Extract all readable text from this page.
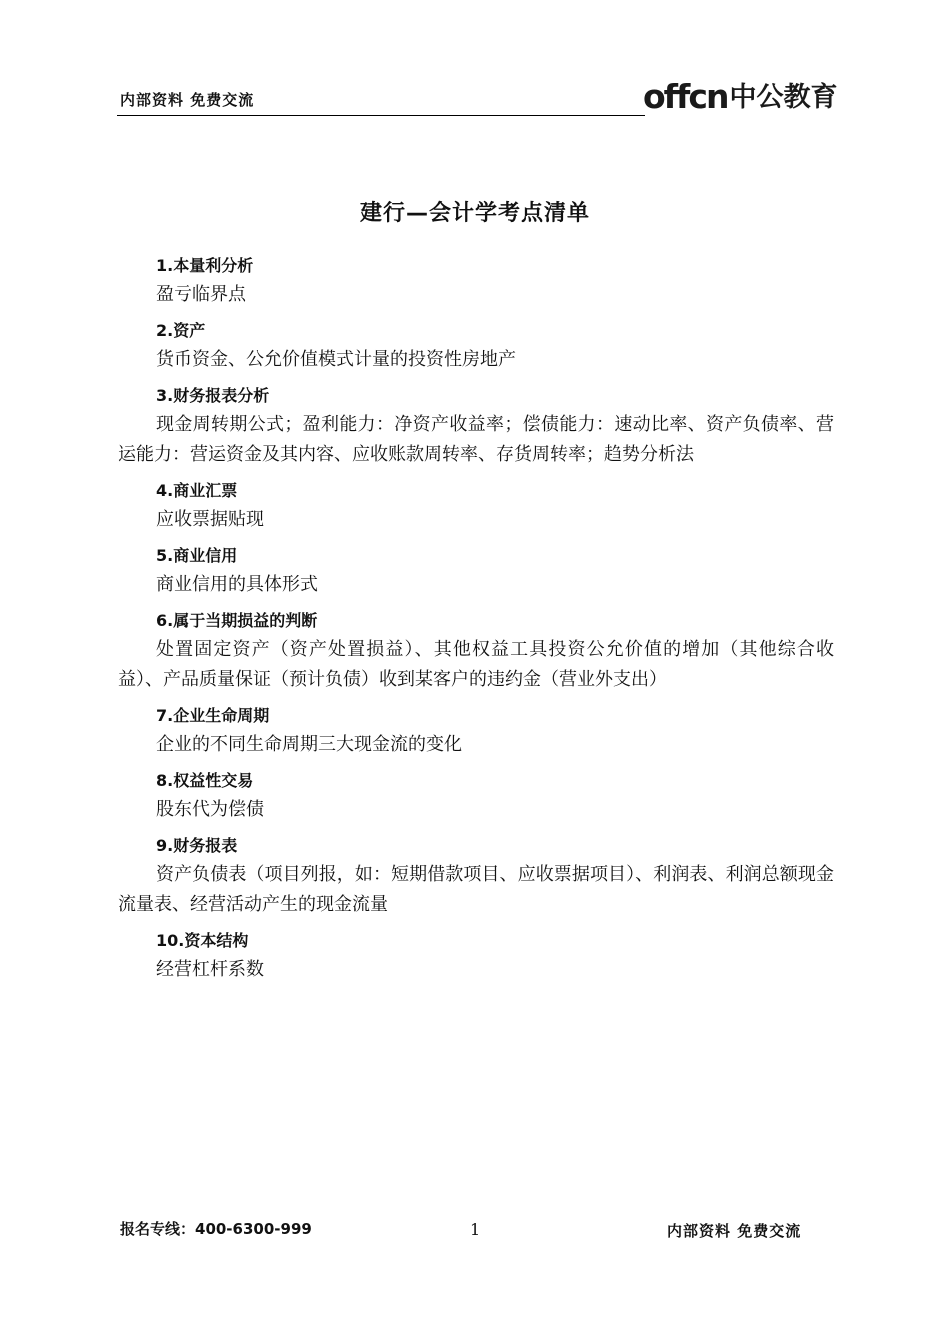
内部资料 免费交流	offcn 中公教育
建行—会计学考点清单
1.本量利分析
盈亏临界点
2.资产
货币资金、公允价值模式计量的投资性房地产
3.财务报表分析
现金周转期公式；盈利能力：净资产收益率；偿债能力：速动比率、资产负债率、营运能力：营运资金及其内容、应收账款周转率、存货周转率；趋势分析法
4.商业汇票
应收票据贴现
5.商业信用
商业信用的具体形式
6.属于当期损益的判断
处置固定资产（资产处置损益）、其他权益工具投资公允价值的增加（其他综合收益）、产品质量保证（预计负债）收到某客户的违约金（营业外支出）
7.企业生命周期
企业的不同生命周期三大现金流的变化
8.权益性交易
股东代为偿债
9.财务报表
资产负债表（项目列报，如：短期借款项目、应收票据项目）、利润表、利润总额现金流量表、经营活动产生的现金流量
10.资本结构
经营杠杆系数
报名专线：400-6300-999	1	内部资料 免费交流
